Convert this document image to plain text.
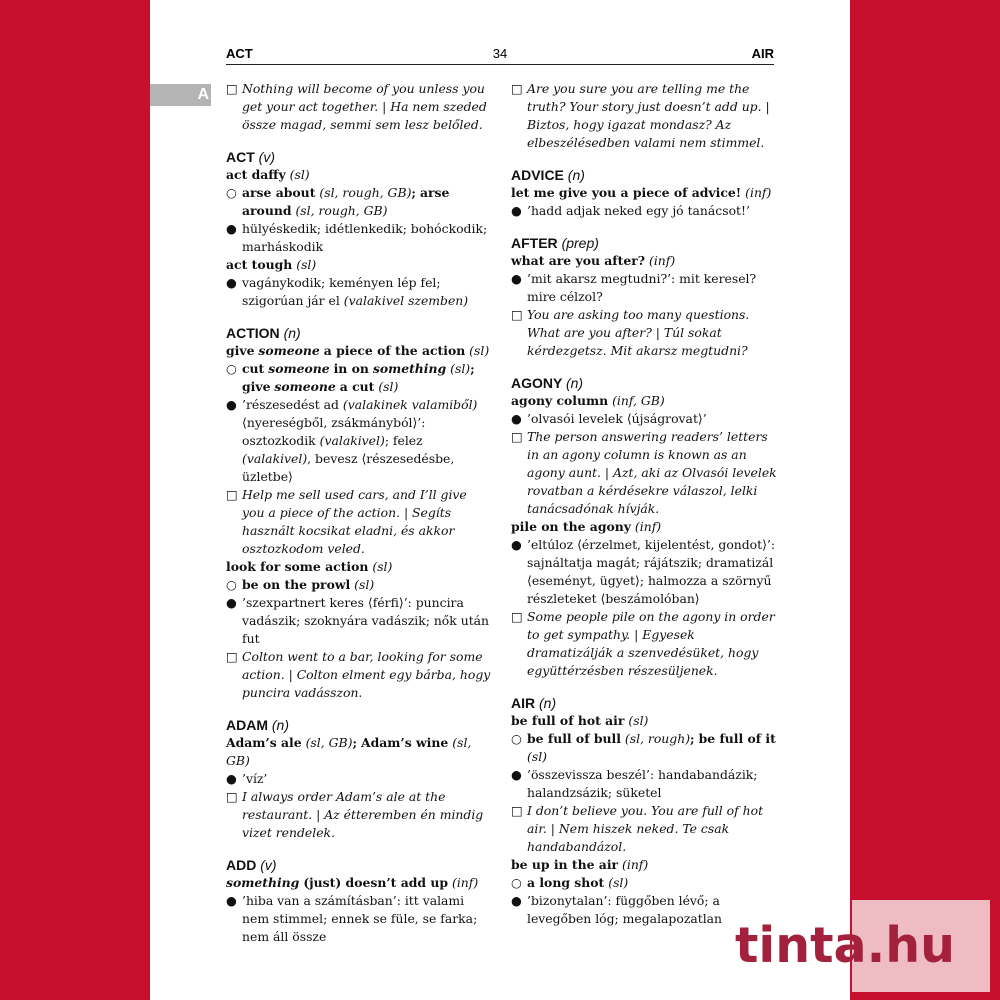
ACT	34	AIR
A □ Nothing will become of you unless you get your act together. | Ha nem szeded össze magad, semmi sem lesz belőled.
ACT (v)
act daffy (sl)
○ arse about (sl, rough, GB); arse around (sl, rough, GB)
● hülyéskedik; idétlenkedik; bohóckodik; marháskodik
act tough (sl)
● vagánykodik; keményen lép fel; szigorúan jár el (valakivel szemben)
ACTION (n)
give someone a piece of the action (sl)
○ cut someone in on something (sl); give someone a cut (sl)
● ’részesedést ad (valakinek valamiből) ⟨nyereségből, zsákmányból⟩’: osztozkodik (valakivel); felez (valakivel), bevesz ⟨részesedésbe, üzletbe⟩
□ Help me sell used cars, and I’ll give you a piece of the action. | Segíts használt kocsikat eladni, és akkor osztozkodom veled.
look for some action (sl)
○ be on the prowl (sl)
● ’szexpartnert keres ⟨férfi⟩’: puncira vadászik; szoknyára vadászik; nők után fut
□ Colton went to a bar, looking for some action. | Colton elment egy bárba, hogy puncira vadásszon.
ADAM (n)
Adam’s ale (sl, GB); Adam’s wine (sl, GB)
● ’víz’
□ I always order Adam’s ale at the restaurant. | Az étteremben én mindig vizet rendelek.
ADD (v)
something (just) doesn’t add up (inf)
● ’hiba van a számításban’: itt valami nem stimmel; ennek se füle, se farka; nem áll össze
□ Are you sure you are telling me the truth? Your story just doesn’t add up. | Biztos, hogy igazat mondasz? Az elbeszélésedben valami nem stimmel.
ADVICE (n)
let me give you a piece of advice! (inf)
● ’hadd adjak neked egy jó tanácsot!’
AFTER (prep)
what are you after? (inf)
● ’mit akarsz megtudni?’: mit keresel? mire célzol?
□ You are asking too many questions. What are you after? | Túl sokat kérdezgetsz. Mit akarsz megtudni?
AGONY (n)
agony column (inf, GB)
● ’olvasói levelek ⟨újságrovat⟩’
□ The person answering readers’ letters in an agony column is known as an agony aunt. | Azt, aki az Olvasói levelek rovatban a kérdésekre válaszol, lelki tanácsadónak hívják.
pile on the agony (inf)
● ’eltúloz ⟨érzelmet, kijelentést, gondot⟩’: sajnáltatja magát; rájátszik; dramatizál ⟨eseményt, ügyet⟩; halmozza a szörnyű részleteket ⟨beszámolóban⟩
□ Some people pile on the agony in order to get sympathy. | Egyesek dramatizálják a szenvedésüket, hogy együttérzésben részesüljenek.
AIR (n)
be full of hot air (sl)
○ be full of bull (sl, rough); be full of it (sl)
● ’összevissza beszél’: handabandázik; halandzsázik; süketel
□ I don’t believe you. You are full of hot air. | Nem hiszek neked. Te csak handabandázol.
be up in the air (inf)
○ a long shot (sl)
● ’bizonytalan’: függőben lévő; a levegőben lóg; megalapozatlan tinta.hu
